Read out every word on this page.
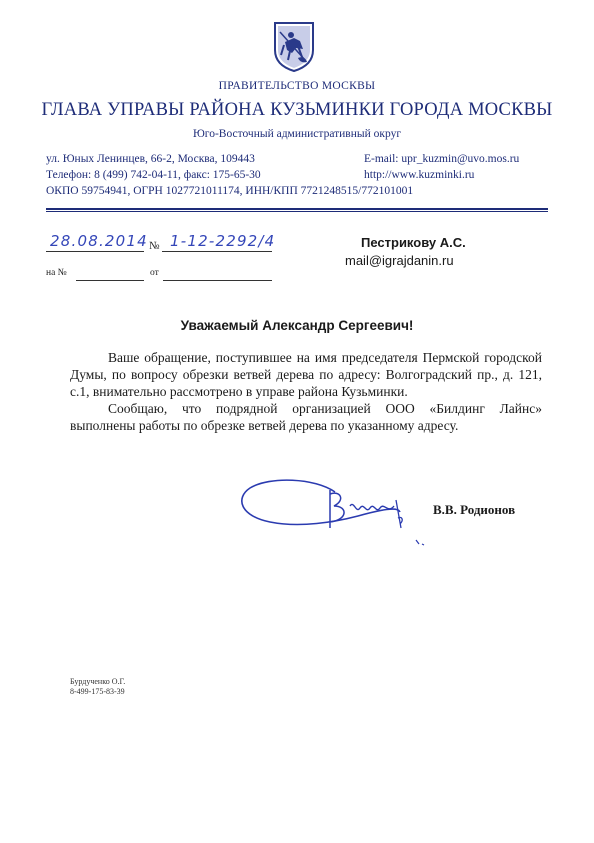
ПРАВИТЕЛЬСТВО МОСКВЫ
ГЛАВА УПРАВЫ РАЙОНА КУЗЬМИНКИ ГОРОДА МОСКВЫ
Юго-Восточный административный округ
ул. Юных Ленинцев, 66-2, Москва, 109443
Телефон: 8 (499) 742-04-11, факс: 175-65-30
ОКПО 59754941, ОГРН 1027721011174, ИНН/КПП 7721248515/772101001
E-mail: upr_kuzmin@uvo.mos.ru
http://www.kuzminki.ru
28.08.2014 № 1-12-2292/4
на №	от
Пестрикову А.С.
mail@igrajdanin.ru
Уважаемый Александр Сергеевич!

Ваше обращение, поступившее на имя председателя Пермской городской Думы, по вопросу обрезки ветвей дерева по адресу: Волгоградский пр., д. 121, с.1, внимательно рассмотрено в управе района Кузьминки.

Сообщаю, что подрядной организацией ООО «Билдинг Лайнс» выполнены работы по обрезке ветвей дерева по указанному адресу.

В.В. Родионов
Бурдученко О.Г.
8-499-175-83-39
